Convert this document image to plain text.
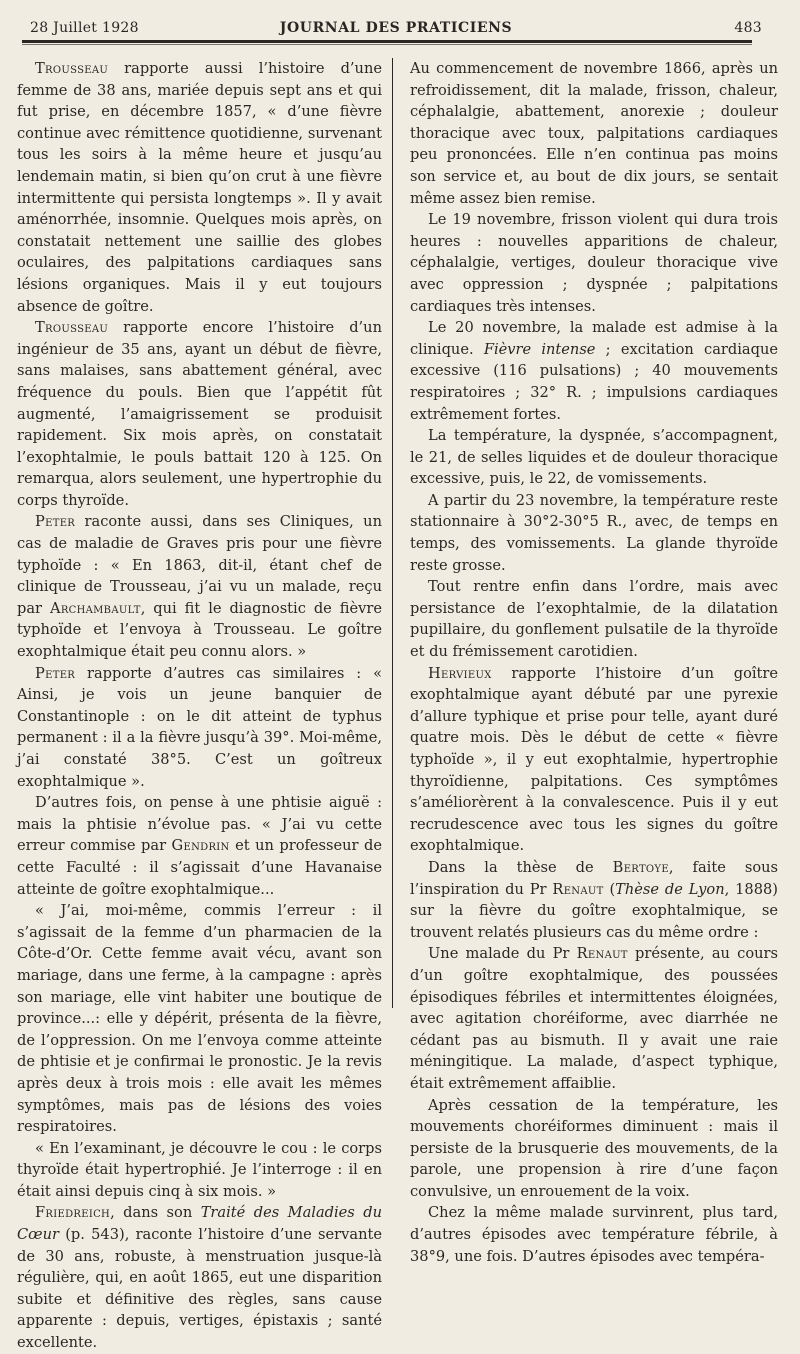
28 Juillet 1928	JOURNAL DES PRATICIENS	483

Trousseau rapporte aussi l’histoire d’une femme de 38 ans, mariée depuis sept ans et qui fut prise, en décembre 1857, « d’une fièvre continue avec rémittence quotidienne, survenant tous les soirs à la même heure et jusqu’au lendemain matin, si bien qu’on crut à une fièvre intermittente qui persista longtemps ». Il y avait aménorrhée, insomnie. Quelques mois après, on constatait nettement une saillie des globes oculaires, des palpitations cardiaques sans lésions organiques. Mais il y eut toujours absence de goître.

Trousseau rapporte encore l’histoire d’un ingénieur de 35 ans, ayant un début de fièvre, sans malaises, sans abattement général, avec fréquence du pouls. Bien que l’appétit fût augmenté, l’amaigrissement se produisit rapidement. Six mois après, on constatait l’exophtalmie, le pouls battait 120 à 125. On remarqua, alors seulement, une hypertrophie du corps thyroïde.

Peter raconte aussi, dans ses Cliniques, un cas de maladie de Graves pris pour une fièvre typhoïde : « En 1863, dit-il, étant chef de clinique de Trousseau, j’ai vu un malade, reçu par Archambault, qui fit le diagnostic de fièvre typhoïde et l’envoya à Trousseau. Le goître exophtalmique était peu connu alors. »

Peter rapporte d’autres cas similaires : « Ainsi, je vois un jeune banquier de Constantinople : on le dit atteint de typhus permanent : il a la fièvre jusqu’à 39°. Moi-même, j’ai constaté 38°5. C’est un goîtreux exophtalmique ».

D’autres fois, on pense à une phtisie aiguë : mais la phtisie n’évolue pas. « J’ai vu cette erreur commise par Gendrin et un professeur de cette Faculté : il s’agissait d’une Havanaise atteinte de goître exophtalmique...

« J’ai, moi-même, commis l’erreur : il s’agissait de la femme d’un pharmacien de la Côte-d’Or. Cette femme avait vécu, avant son mariage, dans une ferme, à la campagne : après son mariage, elle vint habiter une boutique de province...: elle y dépérit, présenta de la fièvre, de l’oppression. On me l’envoya comme atteinte de phtisie et je confirmai le pronostic. Je la revis après deux à trois mois : elle avait les mêmes symptômes, mais pas de lésions des voies respiratoires.

« En l’examinant, je découvre le cou : le corps thyroïde était hypertrophié. Je l’interroge : il en était ainsi depuis cinq à six mois. »

Friedreich, dans son Traité des Maladies du Cœur (p. 543), raconte l’histoire d’une servante de 30 ans, robuste, à menstruation jusque-là régulière, qui, en août 1865, eut une disparition subite et définitive des règles, sans cause apparente : depuis, vertiges, épistaxis ; santé excellente.

Au commencement de novembre 1866, après un refroidissement, dit la malade, frisson, chaleur, céphalalgie, abattement, anorexie ; douleur thoracique avec toux, palpitations cardiaques peu prononcées. Elle n’en continua pas moins son service et, au bout de dix jours, se sentait même assez bien remise.

Le 19 novembre, frisson violent qui dura trois heures : nouvelles apparitions de chaleur, céphalalgie, vertiges, douleur thoracique vive avec oppression ; dyspnée ; palpitations cardiaques très intenses.

Le 20 novembre, la malade est admise à la clinique. Fièvre intense ; excitation cardiaque excessive (116 pulsations) ; 40 mouvements respiratoires ; 32° R. ; impulsions cardiaques extrêmement fortes.

La température, la dyspnée, s’accompagnent, le 21, de selles liquides et de douleur thoracique excessive, puis, le 22, de vomissements.

A partir du 23 novembre, la température reste stationnaire à 30°2-30°5 R., avec, de temps en temps, des vomissements. La glande thyroïde reste grosse.

Tout rentre enfin dans l’ordre, mais avec persistance de l’exophtalmie, de la dilatation pupillaire, du gonflement pulsatile de la thyroïde et du frémissement carotidien.

Hervieux rapporte l’histoire d’un goître exophtalmique ayant débuté par une pyrexie d’allure typhique et prise pour telle, ayant duré quatre mois. Dès le début de cette « fièvre typhoïde », il y eut exophtalmie, hypertrophie thyroïdienne, palpitations. Ces symptômes s’améliorèrent à la convalescence. Puis il y eut recrudescence avec tous les signes du goître exophtalmique.

Dans la thèse de Bertoye, faite sous l’inspiration du Pr Renaut (Thèse de Lyon, 1888) sur la fièvre du goître exophtalmique, se trouvent relatés plusieurs cas du même ordre :

Une malade du Pr Renaut présente, au cours d’un goître exophtalmique, des poussées épisodiques fébriles et intermittentes éloignées, avec agitation choréiforme, avec diarrhée ne cédant pas au bismuth. Il y avait une raie méningitique. La malade, d’aspect typhique, était extrêmement affaiblie.

Après cessation de la température, les mouvements choréiformes diminuent : mais il persiste de la brusquerie des mouvements, de la parole, une propension à rire d’une façon convulsive, un enrouement de la voix.

Chez la même malade survinrent, plus tard, d’autres épisodes avec température fébrile, à 38°9, une fois. D’autres épisodes avec tempéra-
